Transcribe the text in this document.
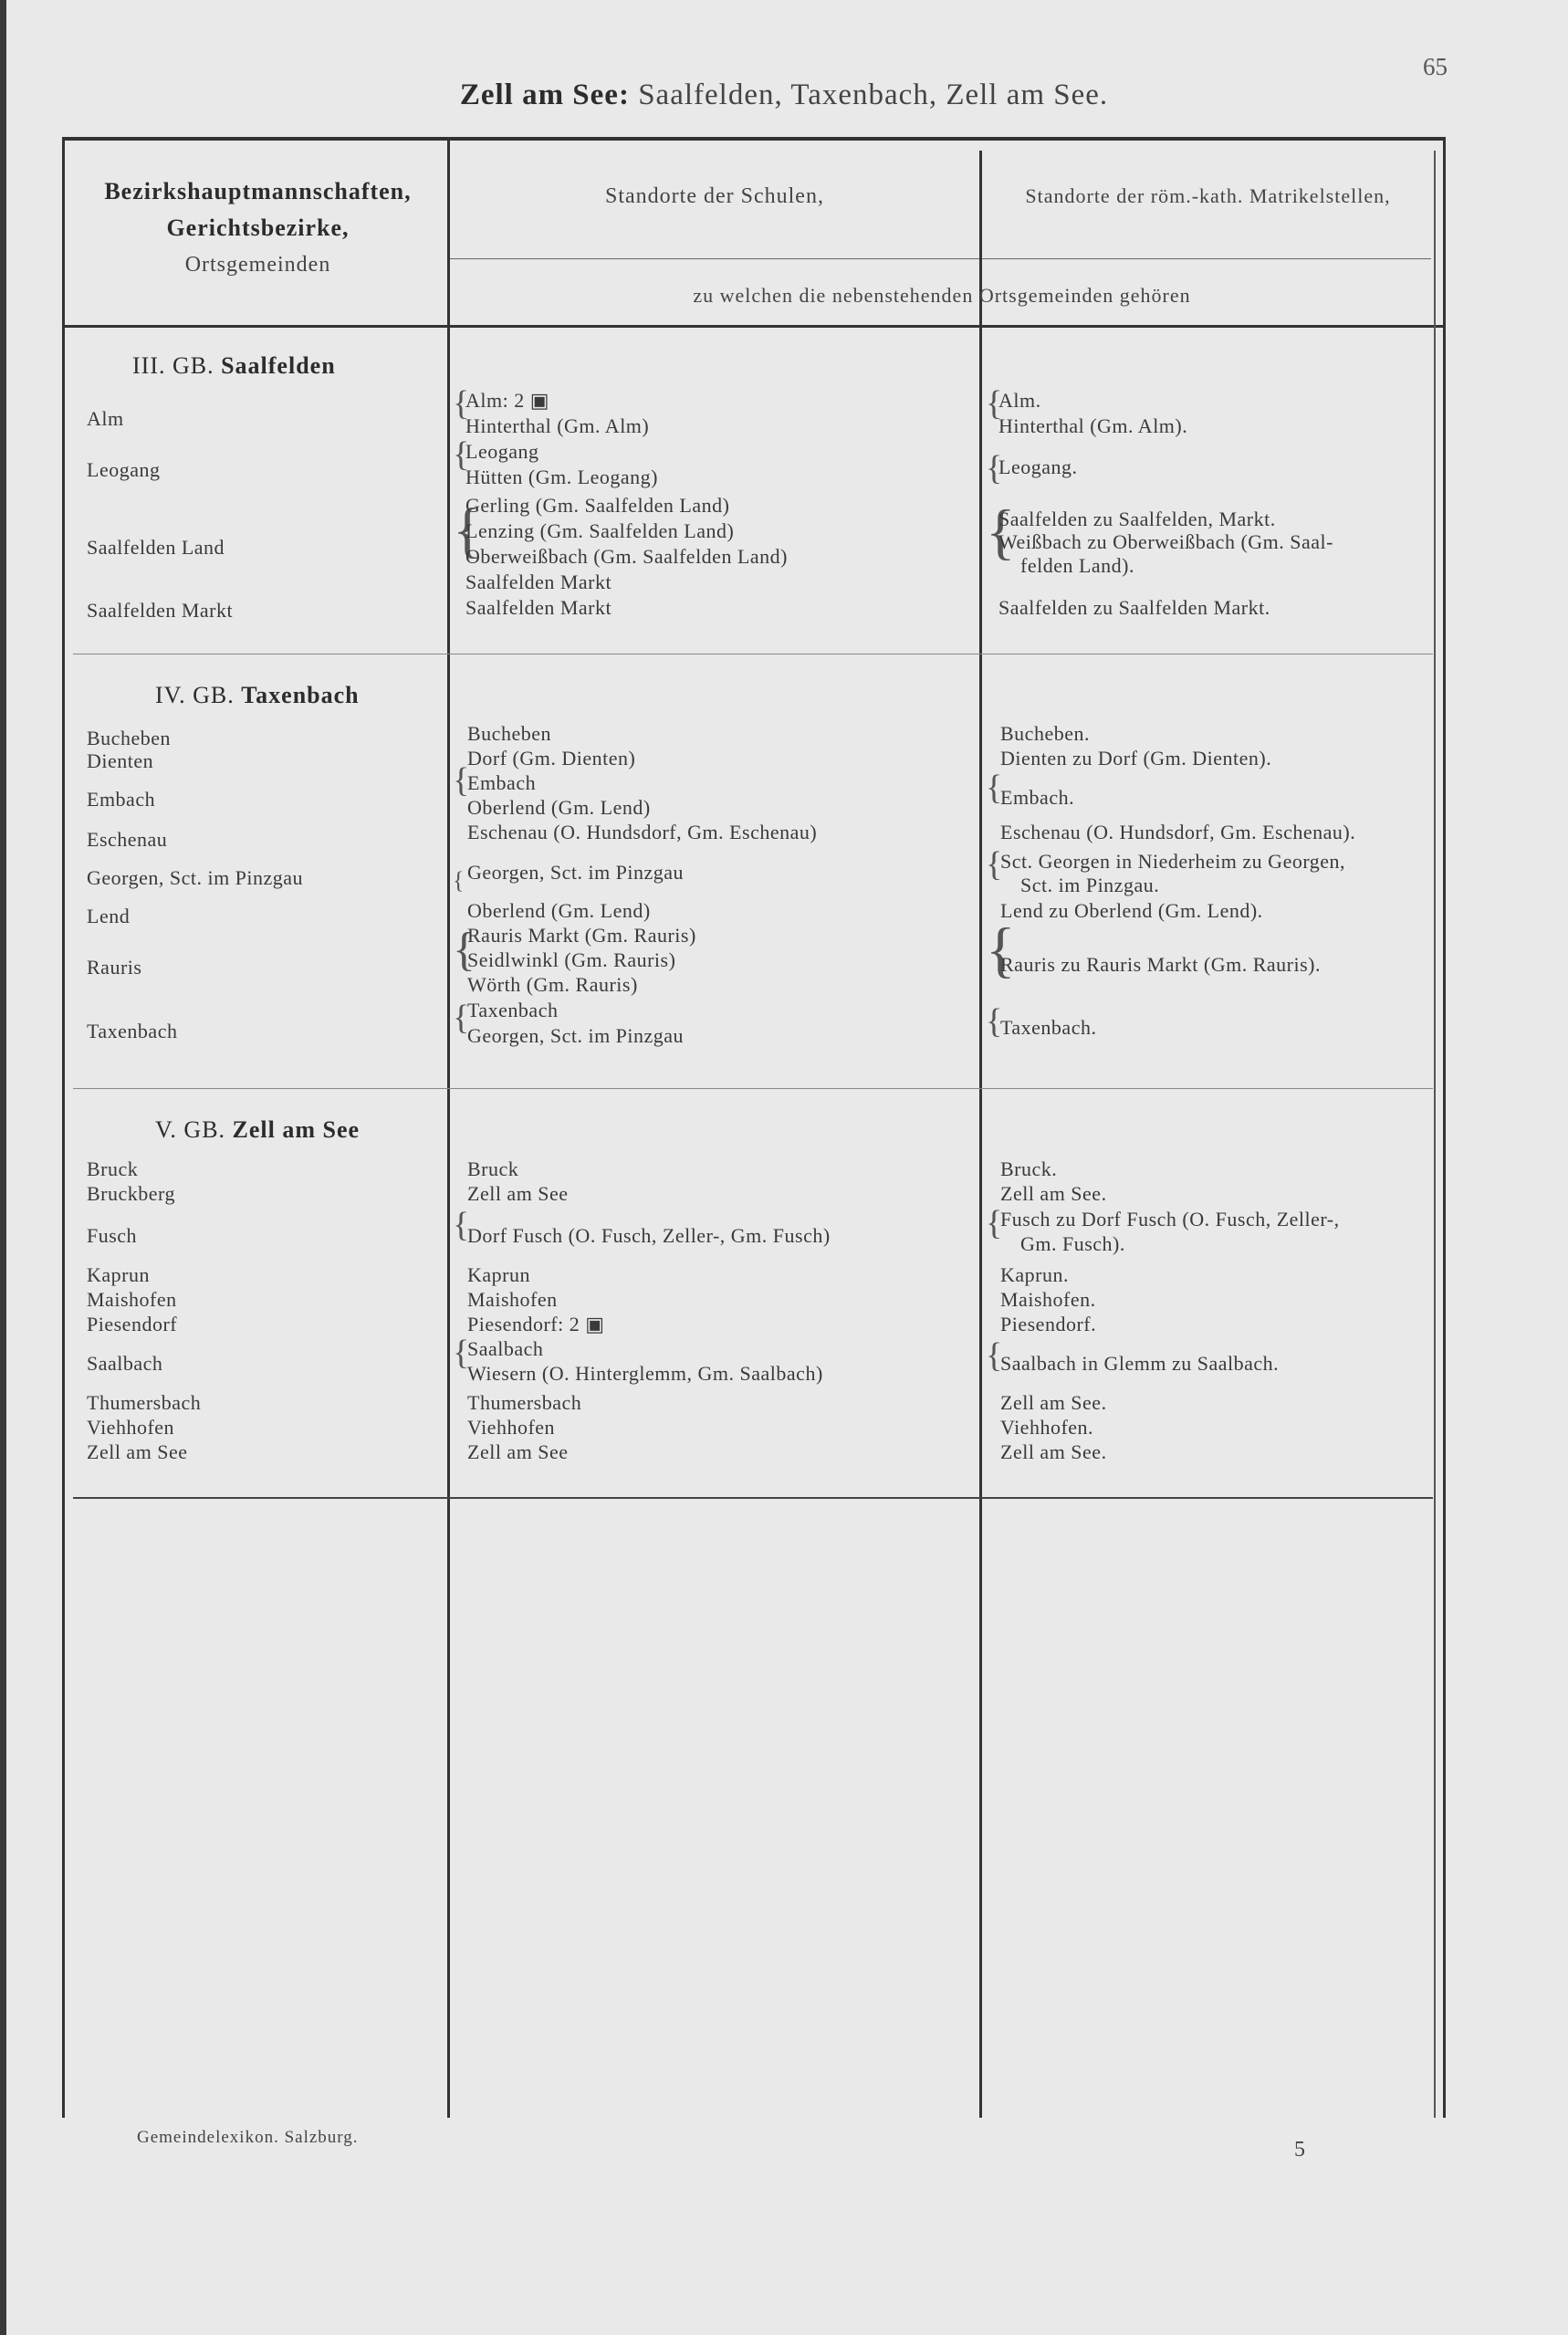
65
Zell am See: Saalfelden, Taxenbach, Zell am See.
Bezirkshauptmannschaften,
Gerichtsbezirke,
Ortsgemeinden
Standorte der Schulen,	Standorte der röm.-kath. Matrikelstellen,
zu welchen die nebenstehenden Ortsgemeinden gehören
III. GB. Saalfelden
Alm
Leogang
Saalfelden Land
Saalfelden Markt
{
{
{
Alm: 2 ▣
Hinterthal (Gm. Alm)
Leogang
Hütten (Gm. Leogang)
Gerling (Gm. Saalfelden Land)
Lenzing (Gm. Saalfelden Land)
Oberweißbach (Gm. Saalfelden Land)
Saalfelden Markt
Saalfelden Markt
{
{
{
Alm.
Hinterthal (Gm. Alm).
Leogang.
Saalfelden zu Saalfelden, Markt.
Weißbach zu Oberweißbach (Gm. Saal-
felden Land).
Saalfelden zu Saalfelden Markt.
IV. GB. Taxenbach
Bucheben
Dienten
Embach
Eschenau
Georgen, Sct. im Pinzgau
Lend
Rauris
Taxenbach
{
{
{
{
Bucheben
Dorf (Gm. Dienten)
Embach
Oberlend (Gm. Lend)
Eschenau (O. Hundsdorf, Gm. Eschenau)
Georgen, Sct. im Pinzgau
Oberlend (Gm. Lend)
Rauris Markt (Gm. Rauris)
Seidlwinkl (Gm. Rauris)
Wörth (Gm. Rauris)
Taxenbach
Georgen, Sct. im Pinzgau
{
{
{
{
Bucheben.
Dienten zu Dorf (Gm. Dienten).
Embach.
Eschenau (O. Hundsdorf, Gm. Eschenau).
Sct. Georgen in Niederheim zu Georgen,
Sct. im Pinzgau.
Lend zu Oberlend (Gm. Lend).
Rauris zu Rauris Markt (Gm. Rauris).
Taxenbach.
V. GB. Zell am See
Bruck
Bruckberg
Fusch
Kaprun
Maishofen
Piesendorf
Saalbach
Thumersbach
Viehhofen
Zell am See
{
{
Bruck
Zell am See
Dorf Fusch (O. Fusch, Zeller-, Gm. Fusch)
Kaprun
Maishofen
Piesendorf: 2 ▣
Saalbach
Wiesern (O. Hinterglemm, Gm. Saalbach)
Thumersbach
Viehhofen
Zell am See
{
{
Bruck.
Zell am See.
Fusch zu Dorf Fusch (O. Fusch, Zeller-,
Gm. Fusch).
Kaprun.
Maishofen.
Piesendorf.
Saalbach in Glemm zu Saalbach.
Zell am See.
Viehhofen.
Zell am See.
Gemeindelexikon. Salzburg.
5
